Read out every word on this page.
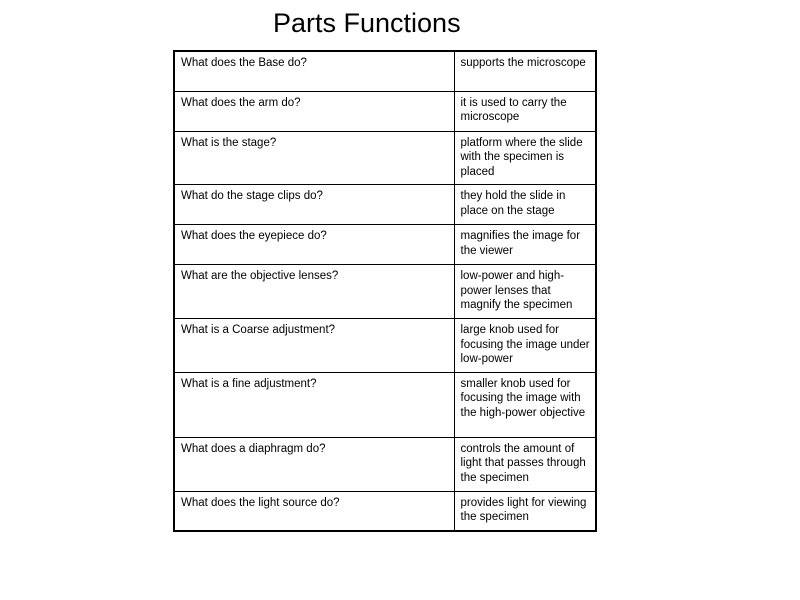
Parts Functions
What does the Base do?	supports the microscope
What does the arm do?	it is used to carry the microscope
What is the stage?	platform where the slide with the specimen is placed
What do the stage clips do?	they hold the slide in place on the stage
What does the eyepiece do?	magnifies the image for the viewer
What are the objective lenses?	low-power and high-power lenses that magnify the specimen
What is a Coarse adjustment?	large knob used for focusing the image under low-power
What is a fine adjustment?	smaller knob used for focusing the image with the high-power objective
What does a diaphragm do?	controls the amount of light that passes through the specimen
What does the light source do?	provides light for viewing the specimen
